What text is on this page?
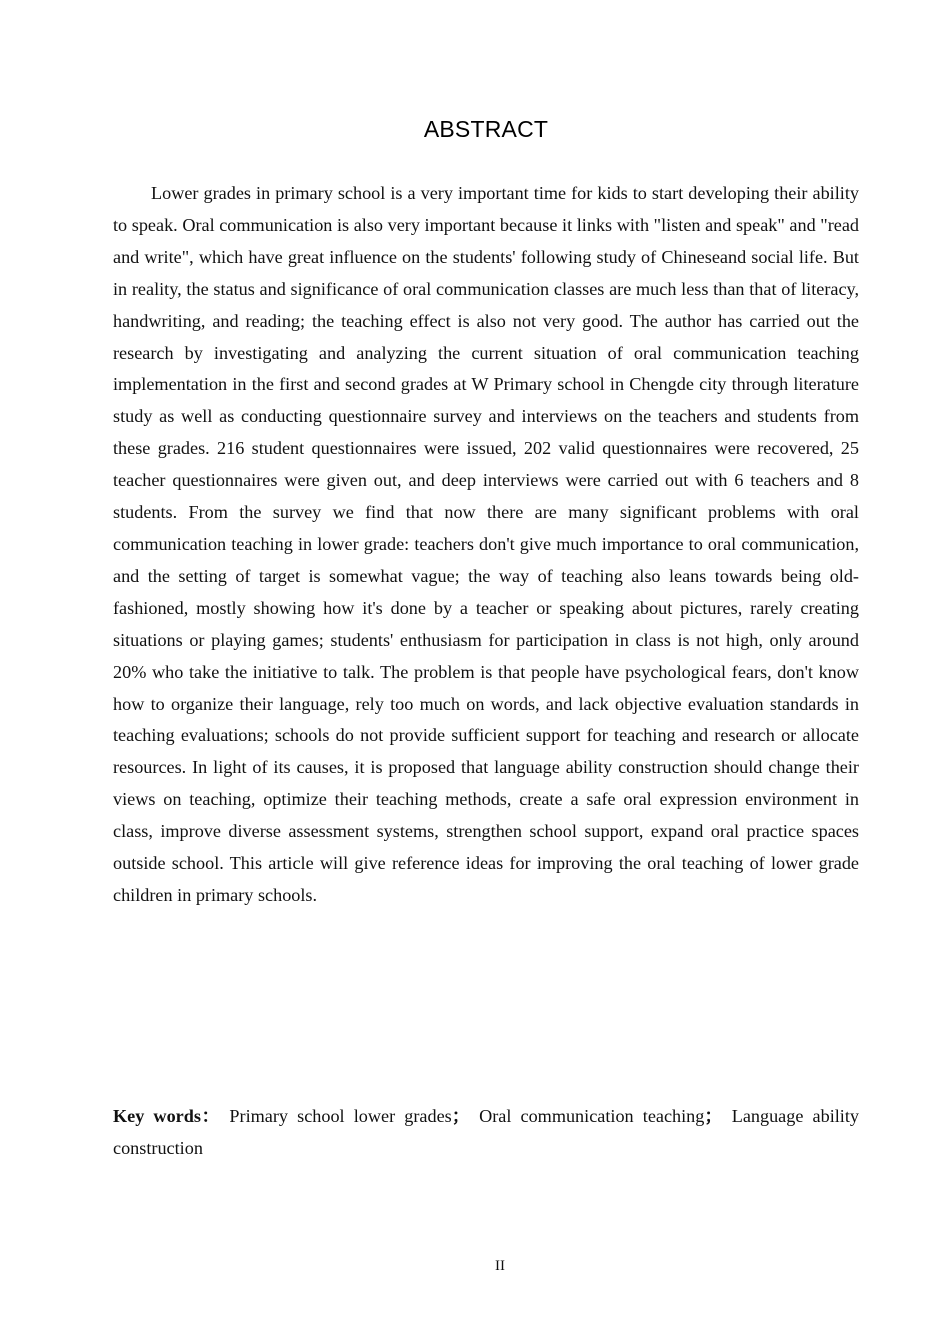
ABSTRACT

Lower grades in primary school is a very important time for kids to start developing their ability to speak. Oral communication is also very important because it links with "listen and speak" and "read and write", which have great influence on the students' following study of Chineseand social life. But in reality, the status and significance of oral communication classes are much less than that of literacy, handwriting, and reading; the teaching effect is also not very good. The author has carried out the research by investigating and analyzing the current situation of oral communication teaching implementation in the first and second grades at W Primary school in Chengde city through literature study as well as conducting questionnaire survey and interviews on the teachers and students from these grades. 216 student questionnaires were issued, 202 valid questionnaires were recovered, 25 teacher questionnaires were given out, and deep interviews were carried out with 6 teachers and 8 students. From the survey we find that now there are many significant problems with oral communication teaching in lower grade: teachers don't give much importance to oral communication, and the setting of target is somewhat vague; the way of teaching also leans towards being old-fashioned, mostly showing how it's done by a teacher or speaking about pictures, rarely creating situations or playing games; students' enthusiasm for participation in class is not high, only around 20% who take the initiative to talk. The problem is that people have psychological fears, don't know how to organize their language, rely too much on words, and lack objective evaluation standards in teaching evaluations; schools do not provide sufficient support for teaching and research or allocate resources. In light of its causes, it is proposed that language ability construction should change their views on teaching, optimize their teaching methods, create a safe oral expression environment in class, improve diverse assessment systems, strengthen school support, expand oral practice spaces outside school. This article will give reference ideas for improving the oral teaching of lower grade children in primary schools.

Key words： Primary school lower grades； Oral communication teaching； Language ability construction

II
